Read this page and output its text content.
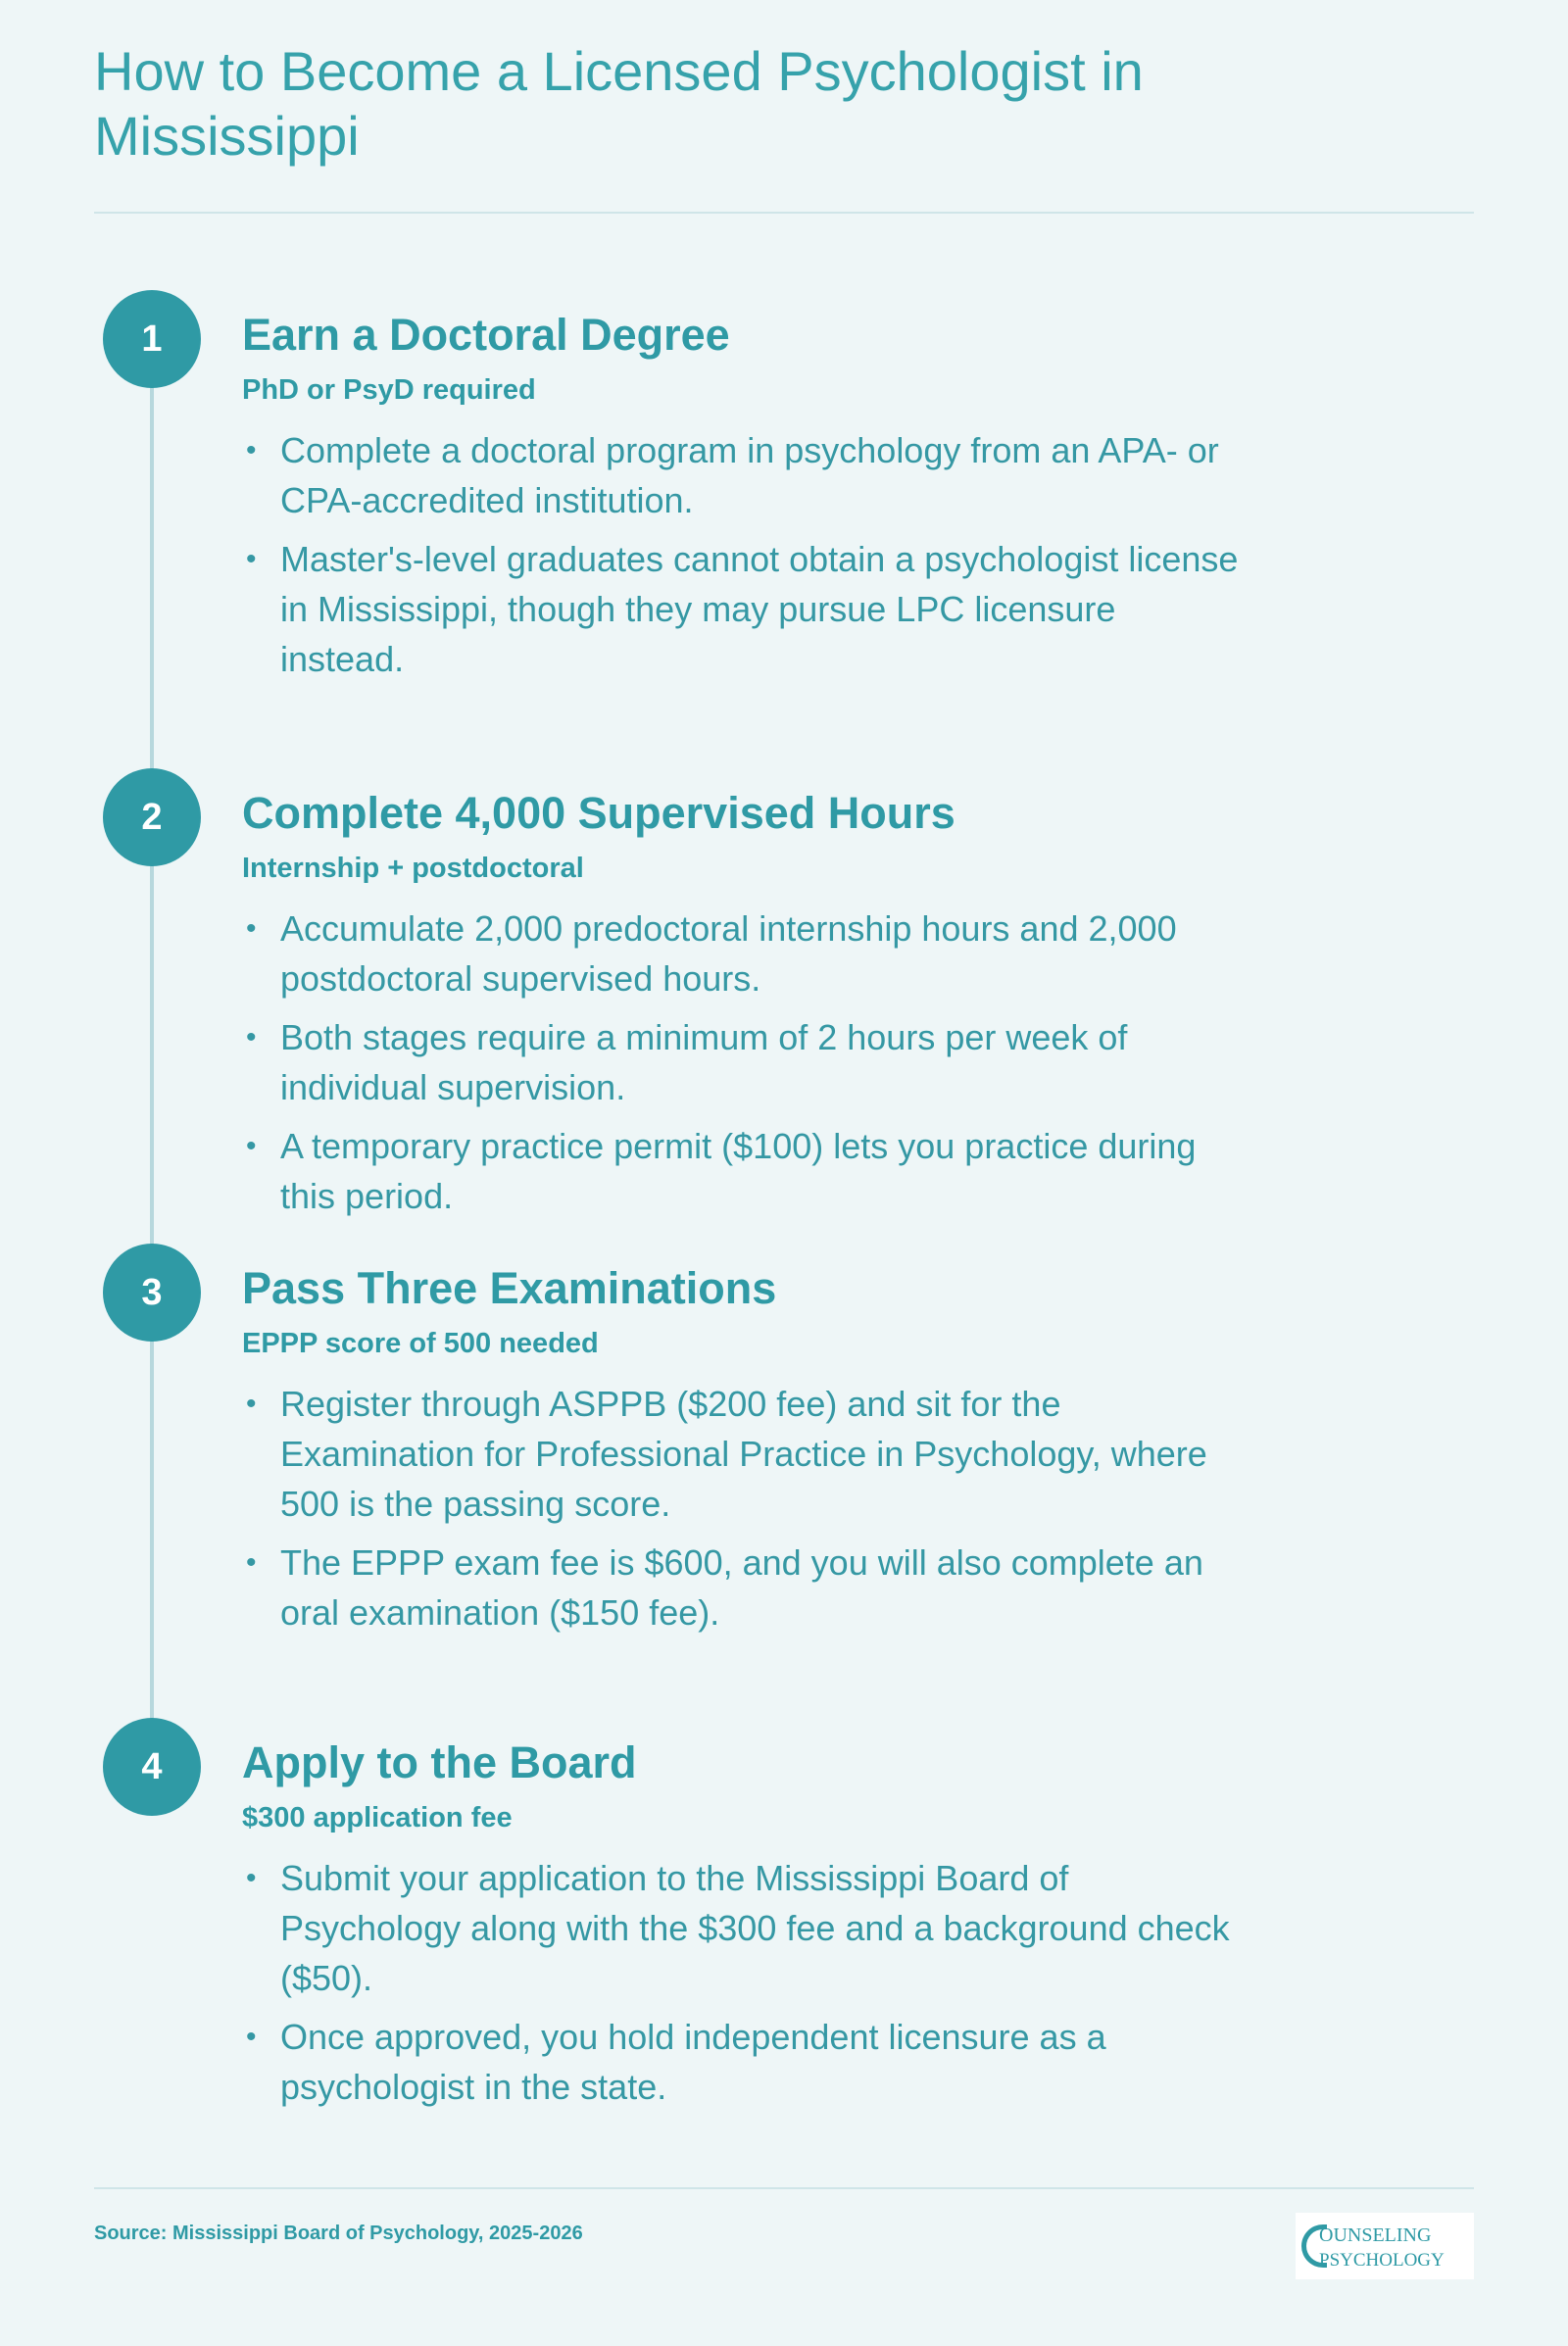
How to Become a Licensed Psychologist in Mississippi
1	Earn a Doctoral Degree

PhD or PsyD required

• Complete a doctoral program in psychology from an APA- or CPA-accredited institution.
• Master's-level graduates cannot obtain a psychologist license in Mississippi, though they may pursue LPC licensure instead.
2	Complete 4,000 Supervised Hours

Internship + postdoctoral

• Accumulate 2,000 predoctoral internship hours and 2,000 postdoctoral supervised hours.
• Both stages require a minimum of 2 hours per week of individual supervision.
• A temporary practice permit ($100) lets you practice during this period.
3	Pass Three Examinations

EPPP score of 500 needed

• Register through ASPPB ($200 fee) and sit for the Examination for Professional Practice in Psychology, where 500 is the passing score.
• The EPPP exam fee is $600, and you will also complete an oral examination ($150 fee).
4	Apply to the Board

$300 application fee

• Submit your application to the Mississippi Board of Psychology along with the $300 fee and a background check ($50).
• Once approved, you hold independent licensure as a psychologist in the state.
Source: Mississippi Board of Psychology, 2025-2026	OUNSELING
PSYCHOLOGY
